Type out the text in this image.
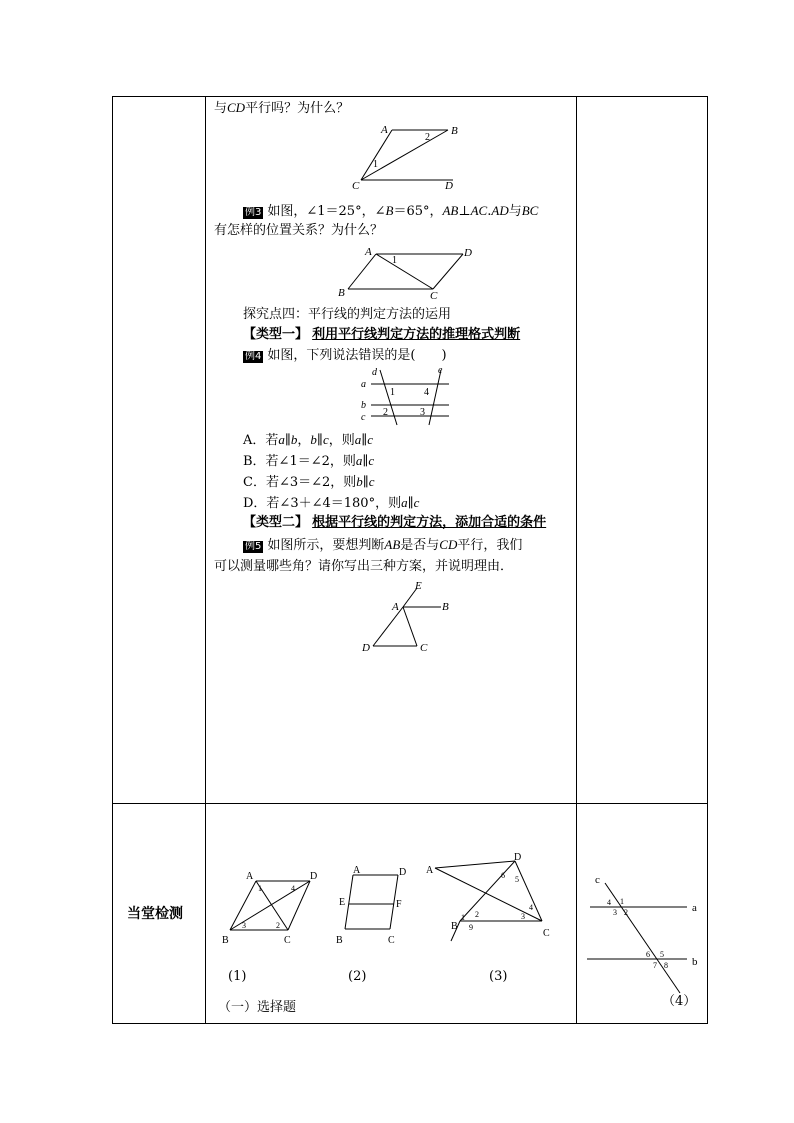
与CD平行吗？为什么？
A	B
C	D
1
2
例3 如图，∠1＝25°，∠B＝65°，AB⊥AC.AD与BC
有怎样的位置关系？为什么？
A	D
B	C
1
探究点四：平行线的判定方法的运用
【类型一】 利用平行线判定方法的推理格式判断
例4 如图，下列说法错误的是(　　)
a
b
c
d	e
1	4
2	3
A．若a∥b，b∥c，则a∥c
B．若∠1＝∠2，则a∥c
C．若∠3＝∠2，则b∥c
D．若∠3＋∠4＝180°，则a∥c
【类型二】 根据平行线的判定方法，添加合适的条件
例5 如图所示，要想判断AB是否与CD平行，我们
可以测量哪些角？请你写出三种方案，并说明理由．
E
A	B
D	C
当堂检测
A	D
B	C
1	4
3	2
(1)
A	D
E	F
B	C
(2)
A
D
B
C
6 5
1 2
4
3
9
(3)
c
a
b
4 1
3 2
6 5
7 8
（4）
（一）选择题
